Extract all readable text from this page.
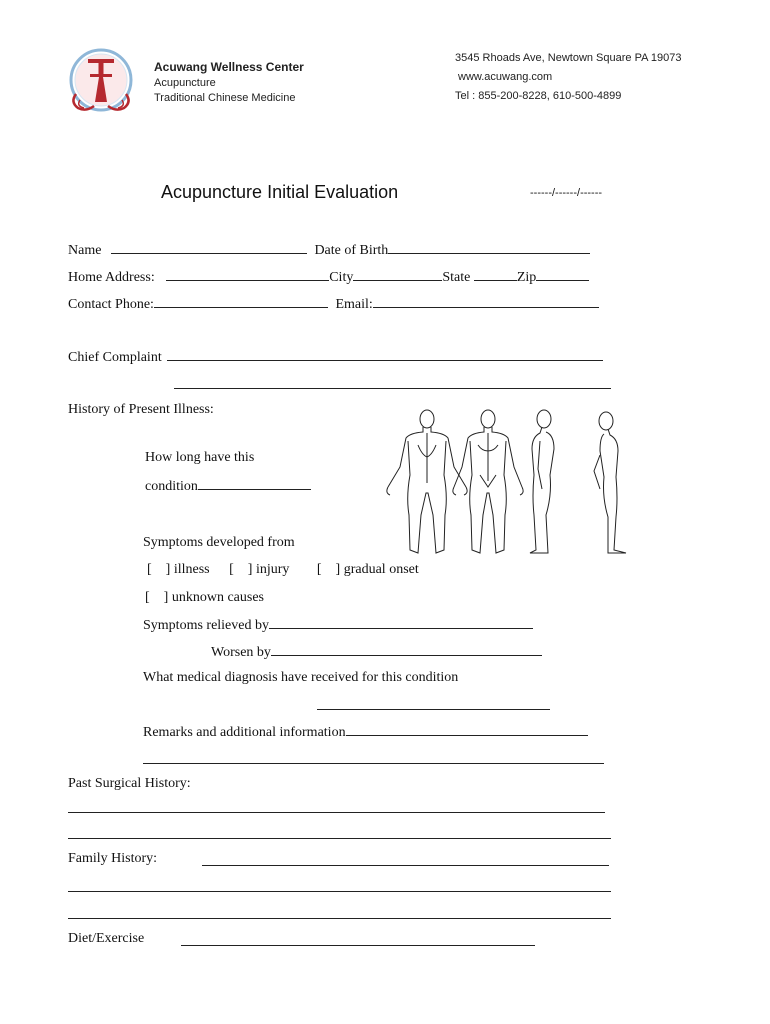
Acuwang Wellness Center
Acupuncture
Traditional Chinese Medicine
3545 Rhoads Ave, Newtown Square PA 19073
www.acuwang.com
Tel : 855-200-8228, 610-500-4899
Acupuncture Initial Evaluation	------/------/------
Name	Date of Birth
Home Address:	City	State	Zip
Contact Phone:	Email:
Chief Complaint
History of Present Illness:
How long have this
condition
Symptoms developed from
[    ] illness [    ] injury [    ] gradual onset
[    ] unknown causes
Symptoms relieved by
Worsen by
What medical diagnosis have received for this condition
Remarks and additional information
Past Surgical History:
Family History:
Diet/Exercise
